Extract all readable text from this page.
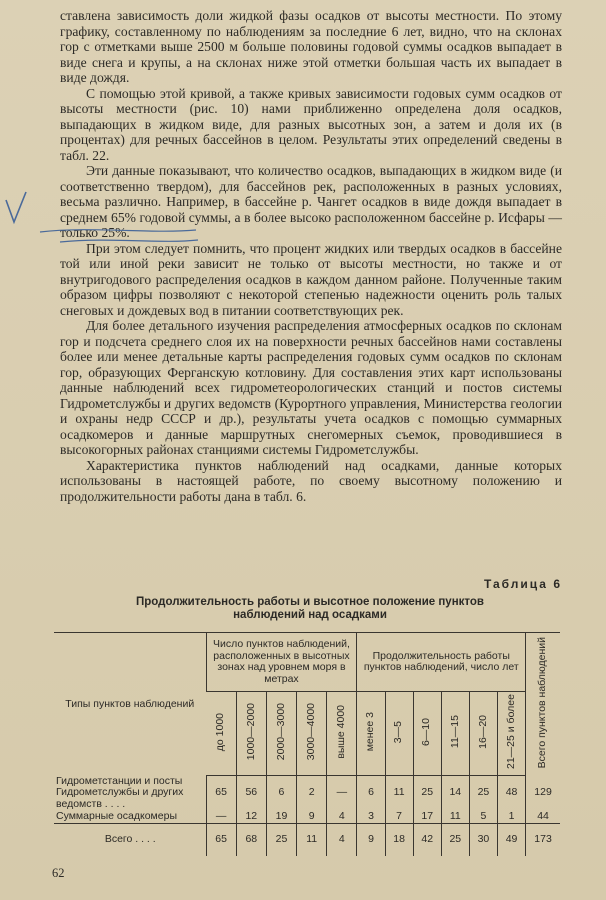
ставлена зависимость доли жидкой фазы осадков от высоты местности. По этому графику, составленному по наблюдениям за последние 6 лет, видно, что на склонах гор с отметками выше 2500 м больше половины годовой суммы осадков выпадает в виде снега и крупы, а на склонах ниже этой отметки большая часть их выпадает в виде дождя.

С помощью этой кривой, а также кривых зависимости годовых сумм осадков от высоты местности (рис. 10) нами приближенно определена доля осадков, выпадающих в жидком виде, для разных высотных зон, а затем и доля их (в процентах) для речных бассейнов в целом. Результаты этих определений сведены в табл. 22.

Эти данные показывают, что количество осадков, выпадающих в жидком виде (и соответственно твердом), для бассейнов рек, расположенных в разных условиях, весьма различно. Например, в бассейне р. Чангет осадков в виде дождя выпадает в среднем 65% годовой суммы, а в более высоко расположенном бассейне р. Исфары — только 25%.

При этом следует помнить, что процент жидких или твердых осадков в бассейне той или иной реки зависит не только от высоты местности, но также и от внутригодового распределения осадков в каждом данном районе. Полученные таким образом цифры позволяют с некоторой степенью надежности оценить роль талых снеговых и дождевых вод в питании соответствующих рек.

Для более детального изучения распределения атмосферных осадков по склонам гор и подсчета среднего слоя их на поверхности речных бассейнов нами составлены более или менее детальные карты распределения годовых сумм осадков по склонам гор, образующих Ферганскую котловину. Для составления этих карт использованы данные наблюдений всех гидрометеорологических станций и постов системы Гидрометслужбы и других ведомств (Курортного управления, Министерства геологии и охраны недр СССР и др.), результаты учета осадков с помощью суммарных осадкомеров и данные маршрутных снегомерных съемок, проводившиеся в высокогорных районах станциями системы Гидрометслужбы.

Характеристика пунктов наблюдений над осадками, данные которых использованы в настоящей работе, по своему высотному положению и продолжительности работы дана в табл. 6.

Таблица 6
Продолжительность работы и высотное положение пунктов
наблюдений над осадками
Типы пунктов наблюдений	Число пунктов наблюдений, расположенных в высотных зонах над уровнем моря в метрах					Продолжительность работы пунктов наблюдений, число лет						Всего пунктов наблюдений
	до 1000	1000—2000	2000—3000	3000—4000	выше 4000	менее 3	3—5	6—10	11—15	16—20	21—25 и более	
Гидрометстанции и посты Гидрометслужбы и других ведомств . . . .	65	56	6	2	—	6	11	25	14	25	48	129
Суммарные осадкомеры	—	12	19	9	4	3	7	17	11	5	1	44
Всего . . . .	65	68	25	11	4	9	18	42	25	30	49	173
62
